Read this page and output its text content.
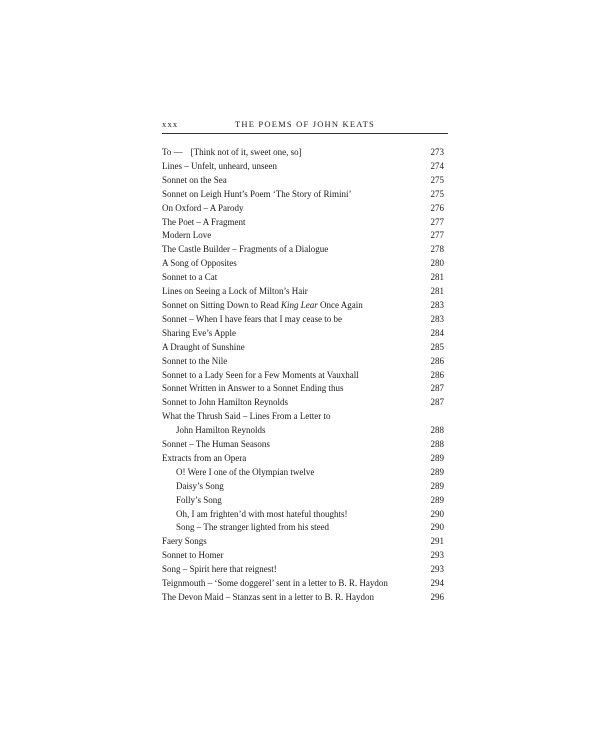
xxx	THE POEMS OF JOHN KEATS
To — [Think not of it, sweet one, so]	273
Lines – Unfelt, unheard, unseen	274
Sonnet on the Sea	275
Sonnet on Leigh Hunt’s Poem ‘The Story of Rimini’	275
On Oxford – A Parody	276
The Poet – A Fragment	277
Modern Love	277
The Castle Builder – Fragments of a Dialogue	278
A Song of Opposites	280
Sonnet to a Cat	281
Lines on Seeing a Lock of Milton’s Hair	281
Sonnet on Sitting Down to Read King Lear Once Again	283
Sonnet – When I have fears that I may cease to be	283
Sharing Eve’s Apple	284
A Draught of Sunshine	285
Sonnet to the Nile	286
Sonnet to a Lady Seen for a Few Moments at Vauxhall	286
Sonnet Written in Answer to a Sonnet Ending thus	287
Sonnet to John Hamilton Reynolds	287
What the Thrush Said – Lines From a Letter to
John Hamilton Reynolds	288
Sonnet – The Human Seasons	288
Extracts from an Opera	289
O! Were I one of the Olympian twelve	289
Daisy’s Song	289
Folly’s Song	289
Oh, I am frighten’d with most hateful thoughts!	290
Song – The stranger lighted from his steed	290
Faery Songs	291
Sonnet to Homer	293
Song – Spirit here that reignest!	293
Teignmouth – ‘Some doggerel’ sent in a letter to B. R. Haydon	294
The Devon Maid – Stanzas sent in a letter to B. R. Haydon	296
